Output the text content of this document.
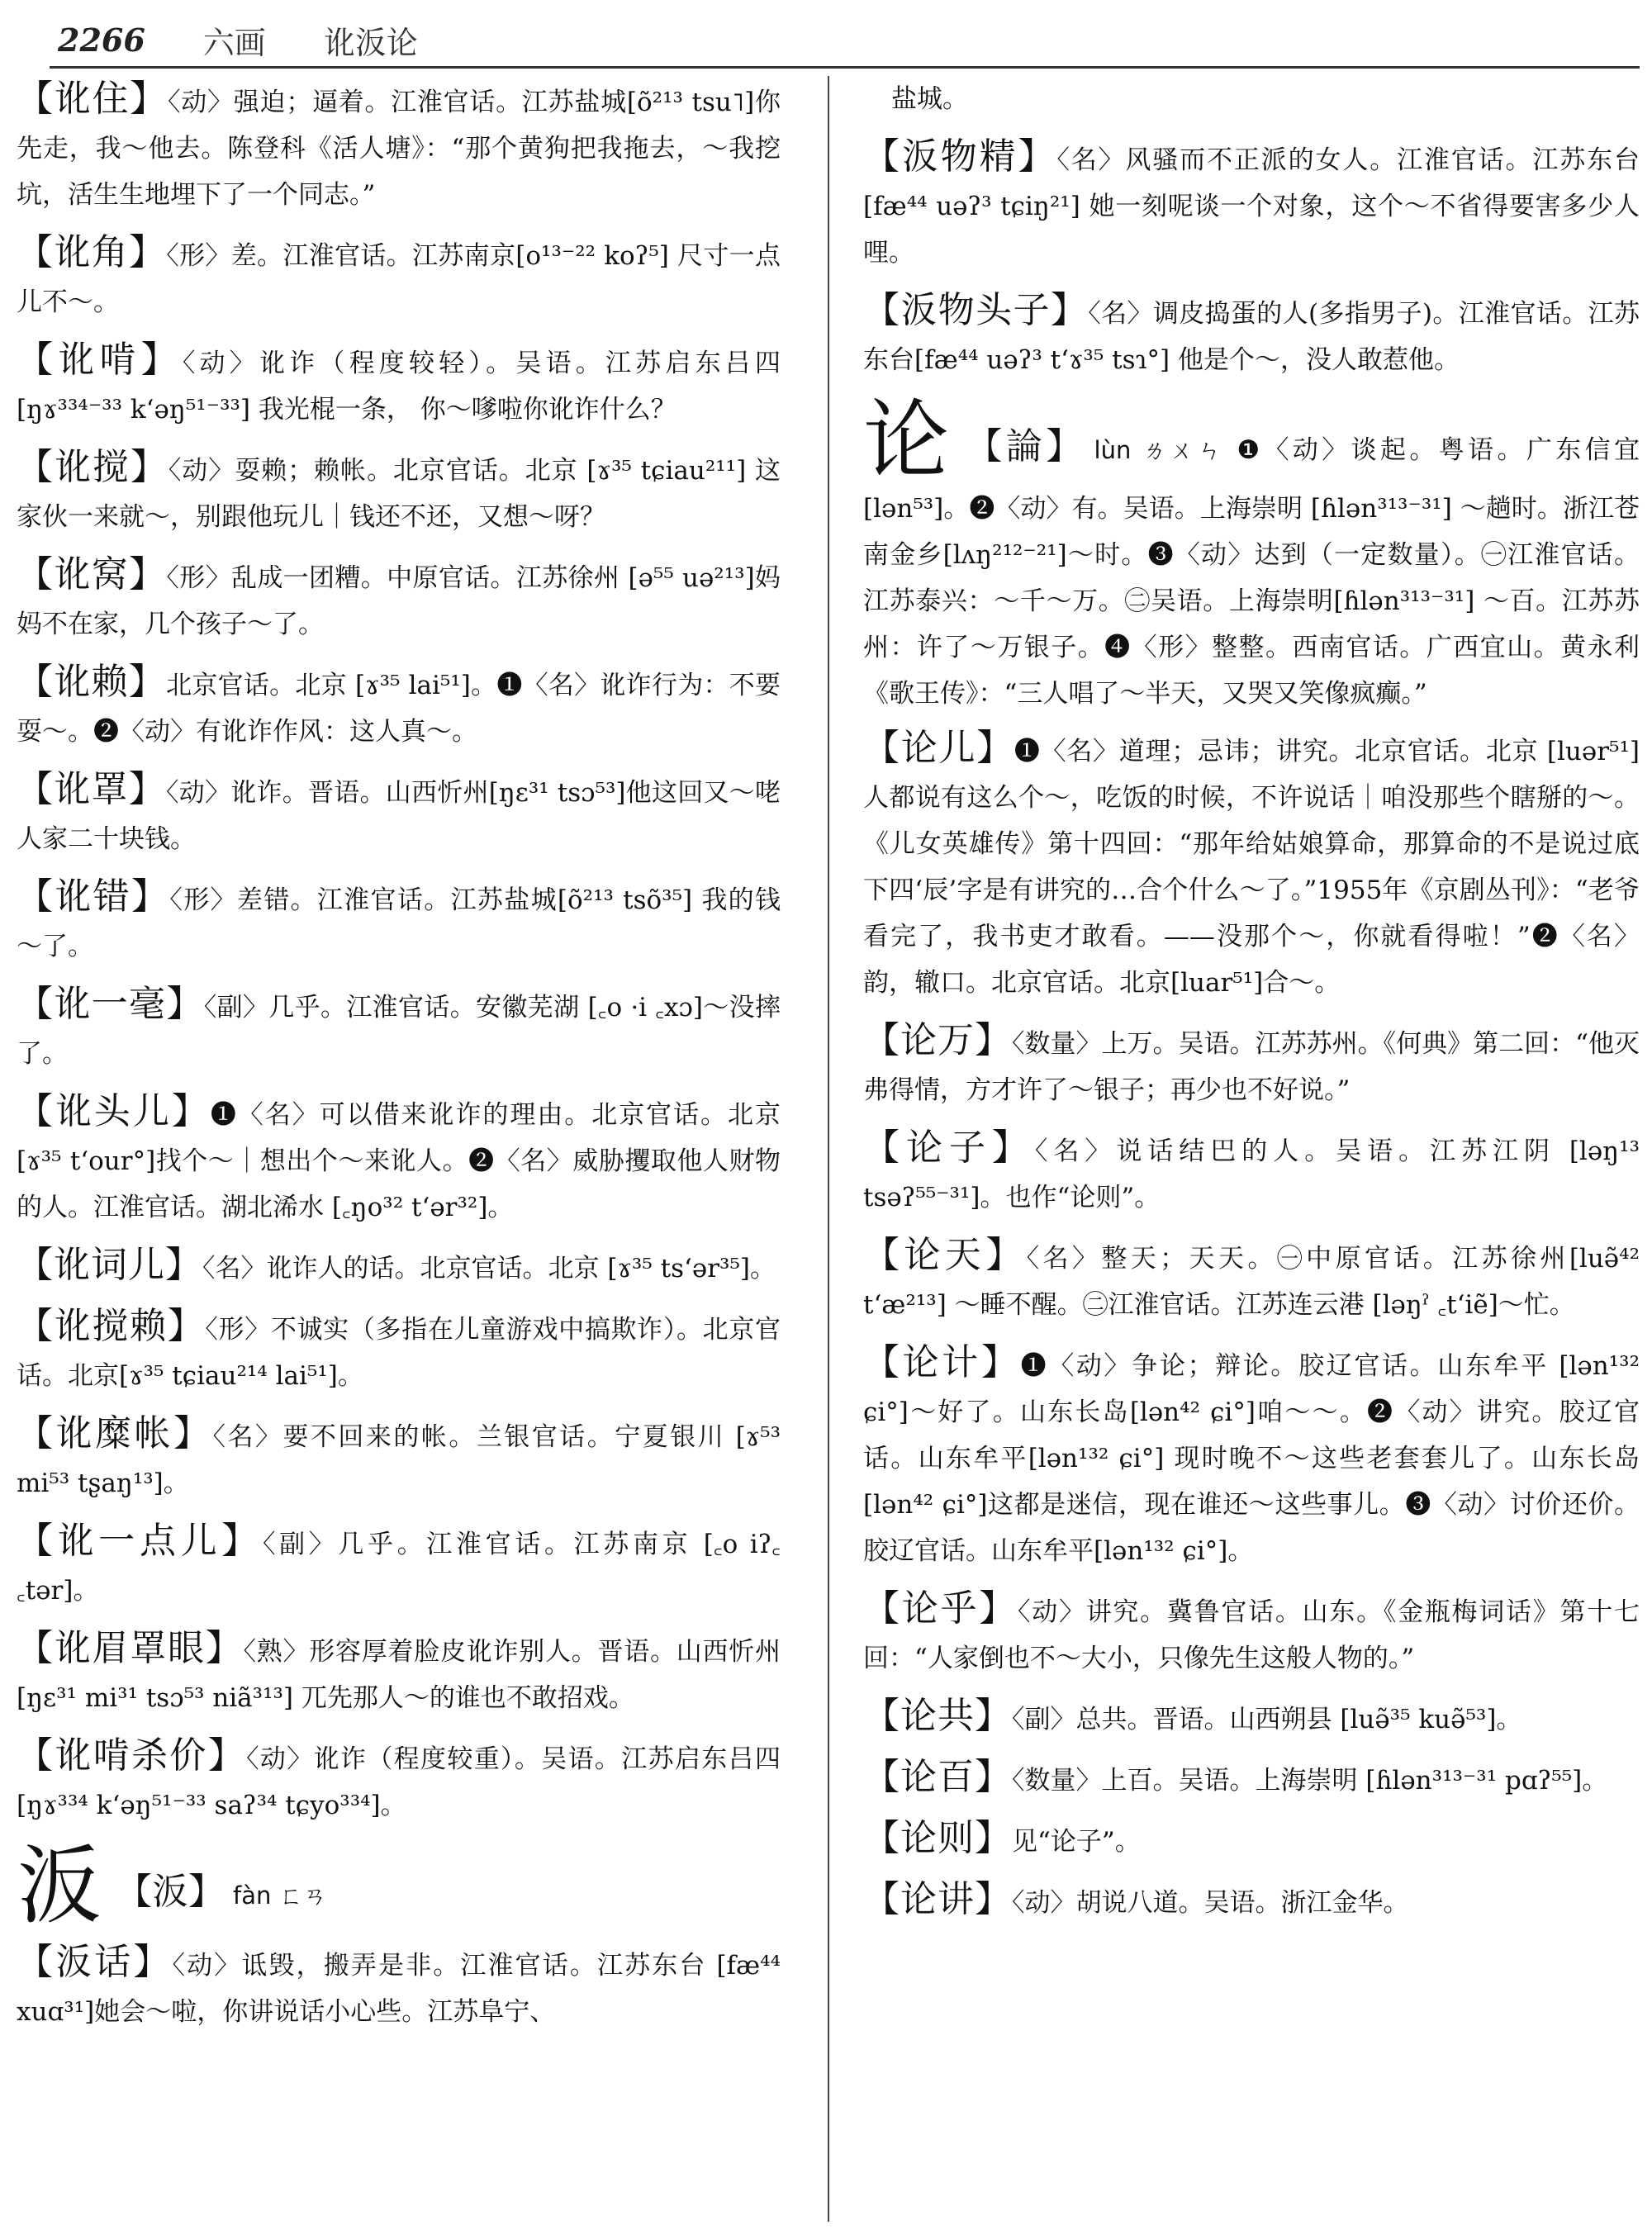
2266 六画 讹汳论
【讹住】〈动〉强迫；逼着。江淮官话。江苏盐城[õ²¹³ tsu˥]你先走，我～他去。陈登科《活人塘》：“那个黄狗把我拖去，～我挖坑，活生生地埋下了一个同志。”
【讹角】〈形〉差。江淮官话。江苏南京[o¹³⁻²² koʔ⁵] 尺寸一点儿不～。
【讹啃】〈动〉讹诈（程度较轻）。吴语。江苏启东吕四[ŋɤ³³⁴⁻³³ k‘əŋ⁵¹⁻³³] 我光棍一条， 你～嗲啦你讹诈什么？
【讹搅】〈动〉耍赖；赖帐。北京官话。北京 [ɤ³⁵ tɕiau²¹¹] 这家伙一来就～，别跟他玩儿｜钱还不还，又想～呀？
【讹窝】〈形〉乱成一团糟。中原官话。江苏徐州 [ə⁵⁵ uə²¹³]妈妈不在家，几个孩子～了。
【讹赖】北京官话。北京 [ɤ³⁵ lai⁵¹]。❶〈名〉讹诈行为：不要耍～。❷〈动〉有讹诈作风：这人真～。
【讹罩】〈动〉讹诈。晋语。山西忻州[ŋɛ³¹ tsɔ⁵³]他这回又～咾人家二十块钱。
【讹错】〈形〉差错。江淮官话。江苏盐城[õ²¹³ tsõ³⁵] 我的钱～了。
【讹一毫】〈副〉几乎。江淮官话。安徽芜湖 [꜀o ·i ꜀xɔ]～没摔了。
【讹头儿】❶〈名〉可以借来讹诈的理由。北京官话。北京[ɤ³⁵ t‘our°]找个～｜想出个～来讹人。❷〈名〉威胁攫取他人财物的人。江淮官话。湖北浠水 [꜀ŋo³² t‘ər³²]。
【讹词儿】〈名〉讹诈人的话。北京官话。北京 [ɤ³⁵ ts‘ər³⁵]。
【讹搅赖】〈形〉不诚实（多指在儿童游戏中搞欺诈）。北京官话。北京[ɤ³⁵ tɕiau²¹⁴ lai⁵¹]。
【讹糜帐】〈名〉要不回来的帐。兰银官话。宁夏银川 [ɤ⁵³ mi⁵³ tʂaŋ¹³]。
【讹一点儿】〈副〉几乎。江淮官话。江苏南京 [꜀o iʔ꜀ ꜀tər]。
【讹眉罩眼】〈熟〉形容厚着脸皮讹诈别人。晋语。山西忻州[ŋɛ³¹ mi³¹ tsɔ⁵³ niã³¹³] 兀先那人～的谁也不敢招戏。
【讹啃杀价】〈动〉讹诈（程度较重）。吴语。江苏启东吕四[ŋɤ³³⁴ k‘əŋ⁵¹⁻³³ saʔ³⁴ tɕyo³³⁴]。
汳 【汳】 fàn ㄈㄢ
【汳话】〈动〉诋毁，搬弄是非。江淮官话。江苏东台 [fæ⁴⁴ xuɑ³¹]她会～啦，你讲说话小心些。江苏阜宁、
盐城。
【汳物精】〈名〉风骚而不正派的女人。江淮官话。江苏东台[fæ⁴⁴ uəʔ³ tɕiŋ²¹] 她一刻呢谈一个对象，这个～不省得要害多少人哩。
【汳物头子】〈名〉调皮捣蛋的人(多指男子)。江淮官话。江苏东台[fæ⁴⁴ uəʔ³ t‘ɤ³⁵ tsɿ°] 他是个～，没人敢惹他。
论 【論】 lùn ㄌㄨㄣ ❶〈动〉谈起。粤语。广东信宜 [lən⁵³]。❷〈动〉有。吴语。上海崇明 [ɦlən³¹³⁻³¹] ～趟时。浙江苍南金乡[lʌŋ²¹²⁻²¹]～时。❸〈动〉达到（一定数量）。㊀江淮官话。江苏泰兴：～千～万。㊁吴语。上海崇明[ɦlən³¹³⁻³¹] ～百。江苏苏州：许了～万银子。❹〈形〉整整。西南官话。广西宜山。黄永利《歌王传》：“三人唱了～半天，又哭又笑像疯癫。”
【论儿】❶〈名〉道理；忌讳；讲究。北京官话。北京 [luər⁵¹]人都说有这么个～，吃饭的时候，不许说话｜咱没那些个瞎掰的～。《儿女英雄传》第十四回：“那年给姑娘算命，那算命的不是说过底下四‘辰’字是有讲究的…合个什么～了。”1955年《京剧丛刊》：“老爷看完了，我书吏才敢看。——没那个～，你就看得啦！”❷〈名〉韵，辙口。北京官话。北京[luar⁵¹]合～。
【论万】〈数量〉上万。吴语。江苏苏州。《何典》第二回：“他灭弗得情，方才许了～银子；再少也不好说。”
【论子】〈名〉说话结巴的人。吴语。江苏江阴 [ləŋ¹³ tsəʔ⁵⁵⁻³¹]。也作“论则”。
【论天】〈名〉整天；天天。㊀中原官话。江苏徐州[luə̃⁴² t‘æ²¹³] ～睡不醒。㊁江淮官话。江苏连云港 [ləŋˀ ꜀t‘iẽ]～忙。
【论计】❶〈动〉争论；辩论。胶辽官话。山东牟平 [lən¹³² ɕi°]～好了。山东长岛[lən⁴² ɕi°]咱～～。❷〈动〉讲究。胶辽官话。山东牟平[lən¹³² ɕi°] 现时晚不～这些老套套儿了。山东长岛[lən⁴² ɕi°]这都是迷信，现在谁还～这些事儿。❸〈动〉讨价还价。胶辽官话。山东牟平[lən¹³² ɕi°]。
【论乎】〈动〉讲究。冀鲁官话。山东。《金瓶梅词话》第十七回：“人家倒也不～大小，只像先生这般人物的。”
【论共】〈副〉总共。晋语。山西朔县 [luə̃³⁵ kuə̃⁵³]。
【论百】〈数量〉上百。吴语。上海崇明 [ɦlən³¹³⁻³¹ pɑʔ⁵⁵]。
【论则】见“论子”。
【论讲】〈动〉胡说八道。吴语。浙江金华。
